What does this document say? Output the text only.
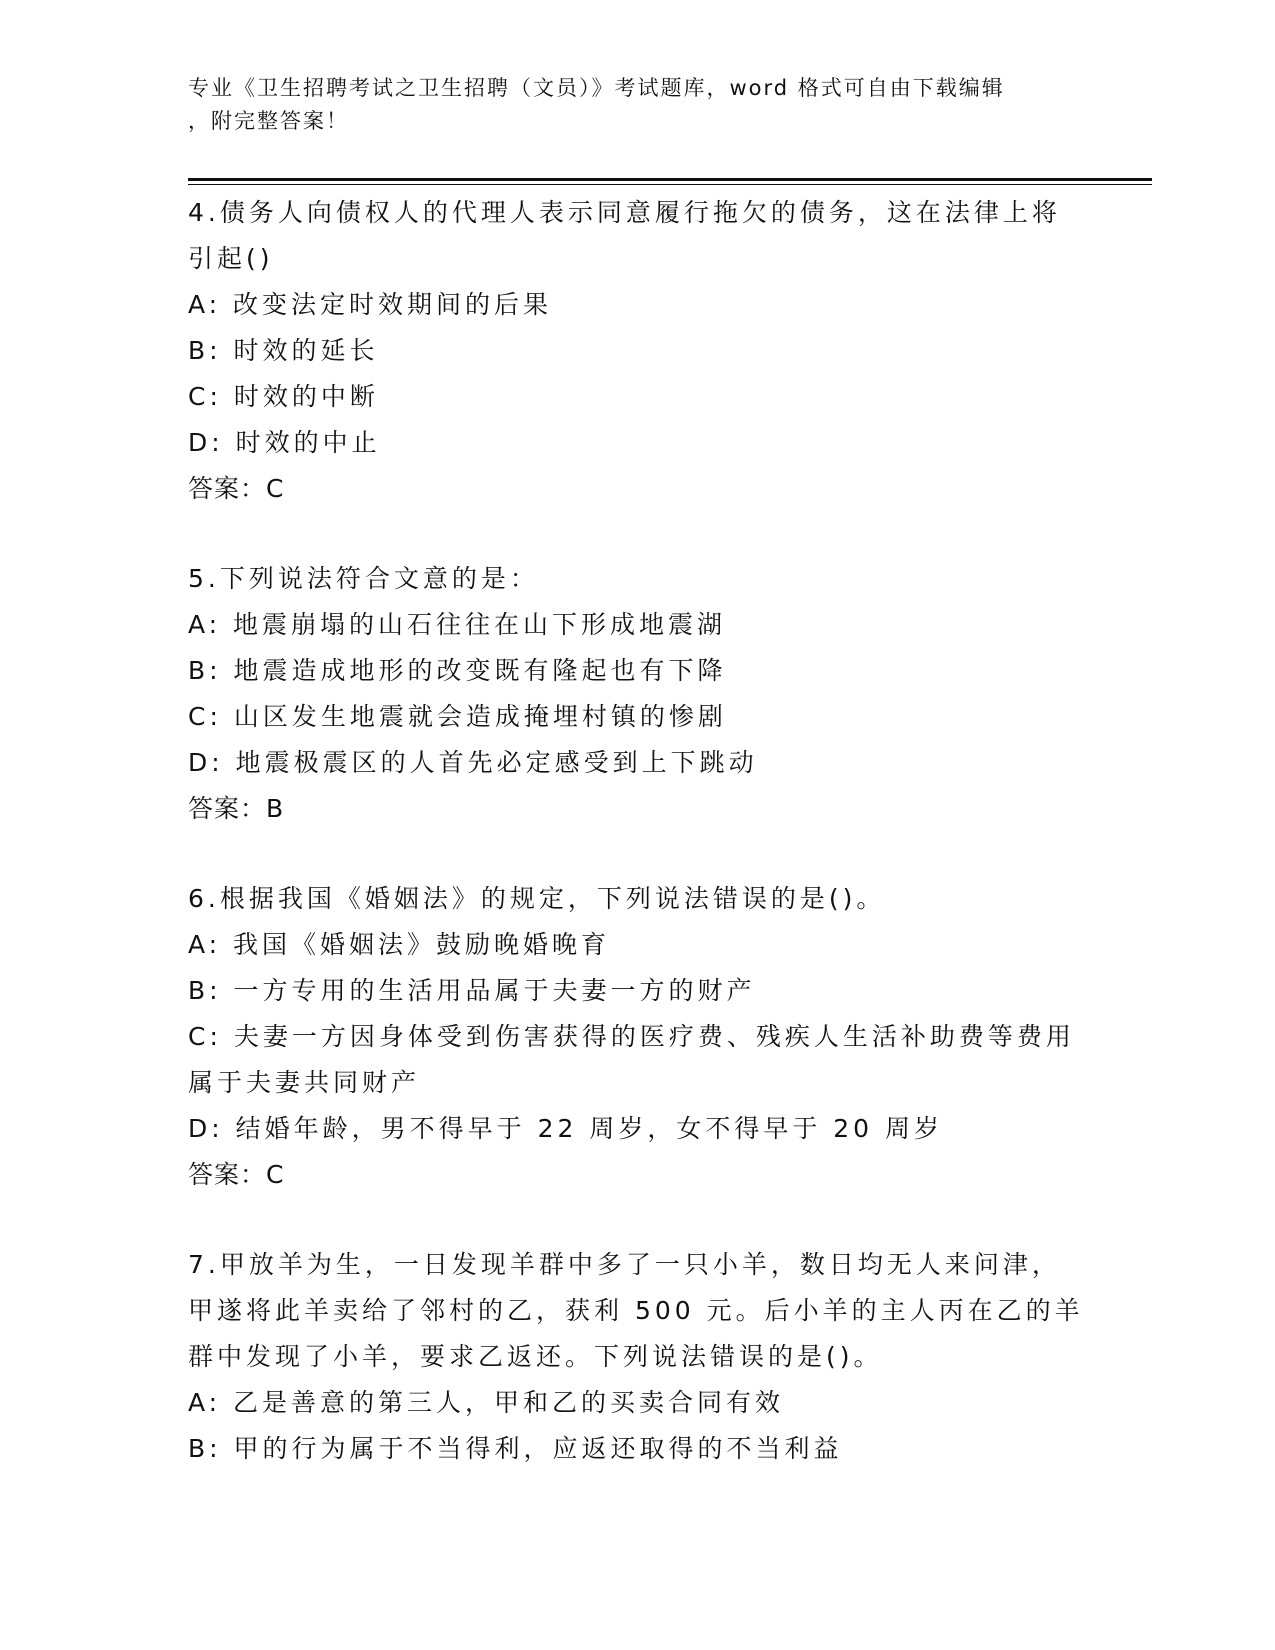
专业《卫生招聘考试之卫生招聘（文员）》考试题库，word 格式可自由下载编辑
，附完整答案！
4.债务人向债权人的代理人表示同意履行拖欠的债务，这在法律上将
引起()
A: 改变法定时效期间的后果
B: 时效的延长
C: 时效的中断
D: 时效的中止
答案：C
5.下列说法符合文意的是：
A: 地震崩塌的山石往往在山下形成地震湖
B: 地震造成地形的改变既有隆起也有下降
C: 山区发生地震就会造成掩埋村镇的惨剧
D: 地震极震区的人首先必定感受到上下跳动
答案：B
6.根据我国《婚姻法》的规定，下列说法错误的是()。
A: 我国《婚姻法》鼓励晚婚晚育
B: 一方专用的生活用品属于夫妻一方的财产
C: 夫妻一方因身体受到伤害获得的医疗费、残疾人生活补助费等费用
属于夫妻共同财产
D: 结婚年龄，男不得早于 22 周岁，女不得早于 20 周岁
答案：C
7.甲放羊为生，一日发现羊群中多了一只小羊，数日均无人来问津，
甲遂将此羊卖给了邻村的乙，获利 500 元。后小羊的主人丙在乙的羊
群中发现了小羊，要求乙返还。下列说法错误的是()。
A: 乙是善意的第三人，甲和乙的买卖合同有效
B: 甲的行为属于不当得利，应返还取得的不当利益
